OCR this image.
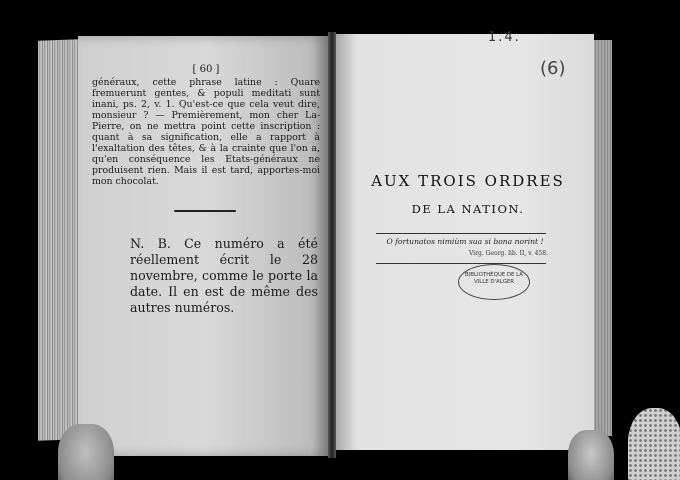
[ 60 ]
généraux, cette phrase latine : Quare fremuerunt gentes, & populi meditati sunt inani, ps. 2, v. 1. Qu'est-ce que cela veut dire, monsieur ? — Premièrement, mon cher La-Pierre, on ne mettra point cette inscription : quant à sa signification, elle a rapport à l'exaltation des têtes, & à la crainte que l'on a, qu'en conséquence les Etats-généraux ne produisent rien. Mais il est tard, apportes-moi mon chocolat.
N. B. Ce numéro a été réellement écrit le 28 novembre, comme le porte la date. Il en est de même des autres numéros.
1.4.
(6)
AUX TROIS ORDRES
DE LA NATION.
O fortunatos nimiùm sua si bona norint !
Virg. Georg. lib. II, v. 458.
BIBLIOTHÈQUE DE LA VILLE D'ALGER
